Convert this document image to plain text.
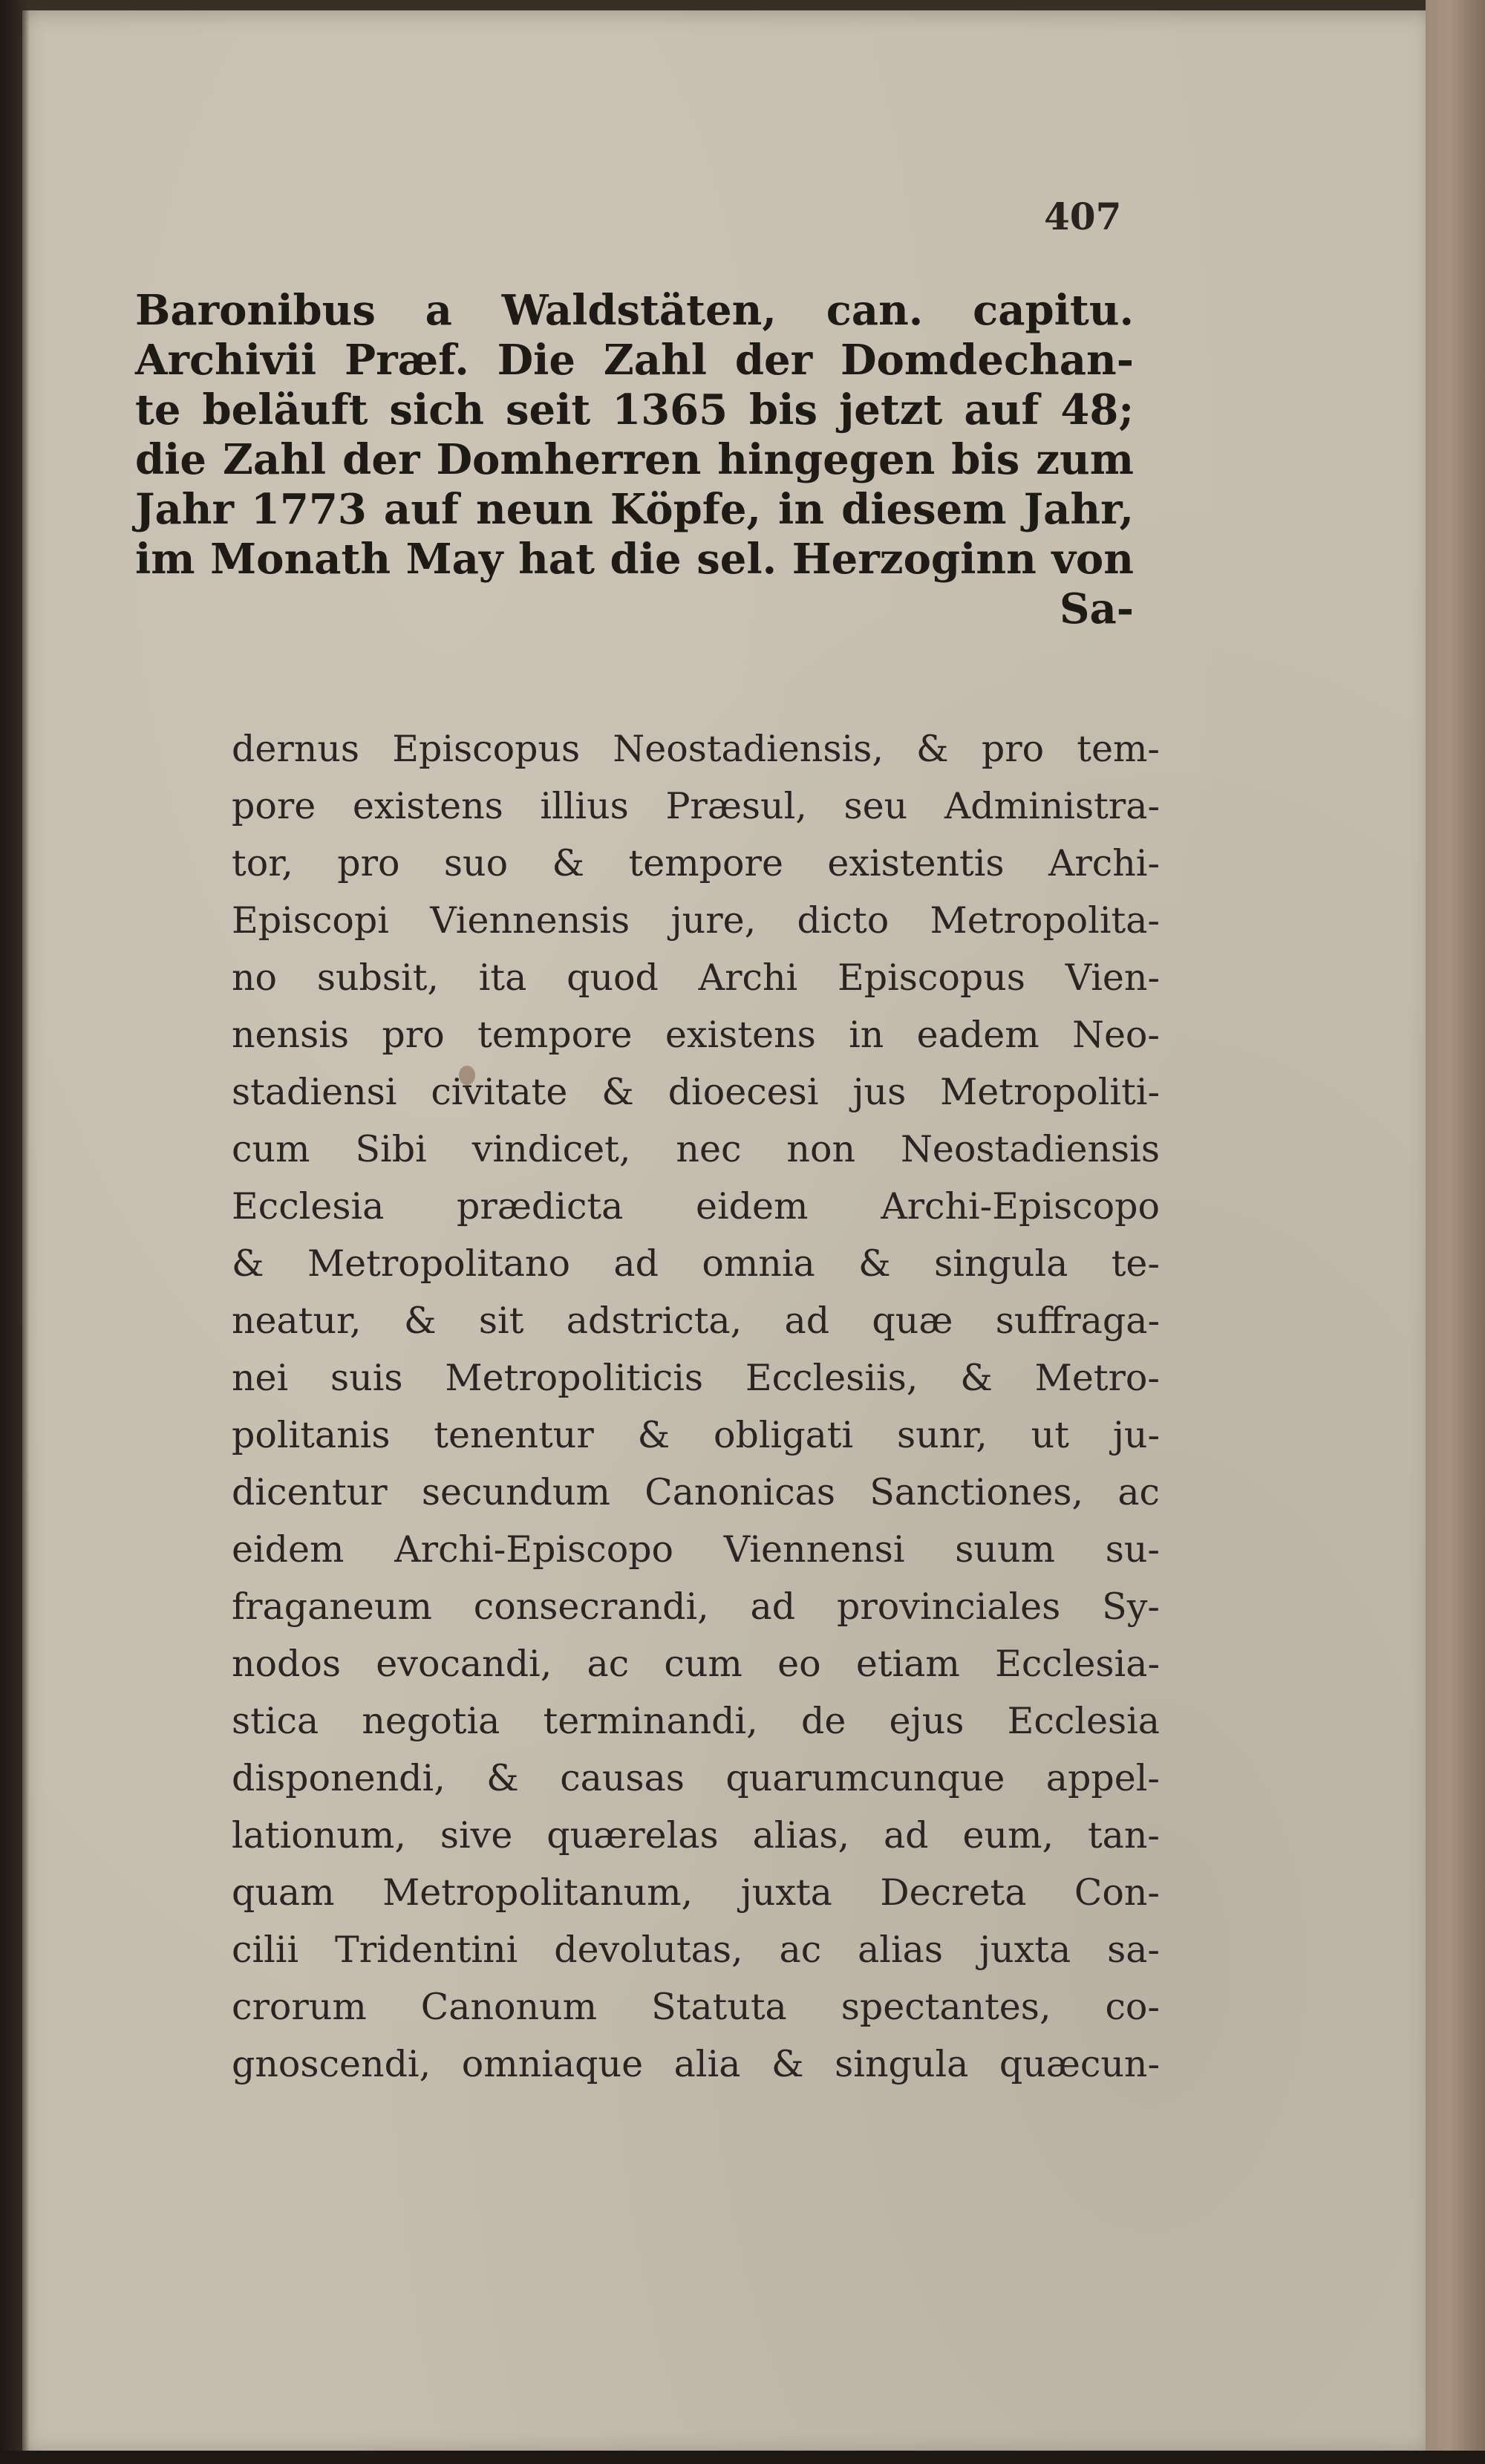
407
Baronibus a Waldstäten, can. capitu.
Archivii Præf. Die Zahl der Domdechan-
te beläuft sich seit 1365 bis jetzt auf 48;
die Zahl der Domherren hingegen bis zum
Jahr 1773 auf neun Köpfe, in diesem Jahr,
im Monath May hat die sel. Herzoginn von
Sa-
dernus Episcopus Neostadiensis, & pro tem-
pore existens illius Præsul, seu Administra-
tor, pro suo & tempore existentis Archi-
Episcopi Viennensis jure, dicto Metropolita-
no subsit, ita quod Archi Episcopus Vien-
nensis pro tempore existens in eadem Neo-
stadiensi civitate & dioecesi jus Metropoliti-
cum Sibi vindicet, nec non Neostadiensis
Ecclesia prædicta eidem Archi-Episcopo
& Metropolitano ad omnia & singula te-
neatur, & sit adstricta, ad quæ suffraga-
nei suis Metropoliticis Ecclesiis, & Metro-
politanis tenentur & obligati sunr, ut ju-
dicentur secundum Canonicas Sanctiones, ac
eidem Archi-Episcopo Viennensi suum su-
fraganeum consecrandi, ad provinciales Sy-
nodos evocandi, ac cum eo etiam Ecclesia-
stica negotia terminandi, de ejus Ecclesia
disponendi, & causas quarumcunque appel-
lationum, sive quærelas alias, ad eum, tan-
quam Metropolitanum, juxta Decreta Con-
cilii Tridentini devolutas, ac alias juxta sa-
crorum Canonum Statuta spectantes, co-
gnoscendi, omniaque alia & singula quæcun-
